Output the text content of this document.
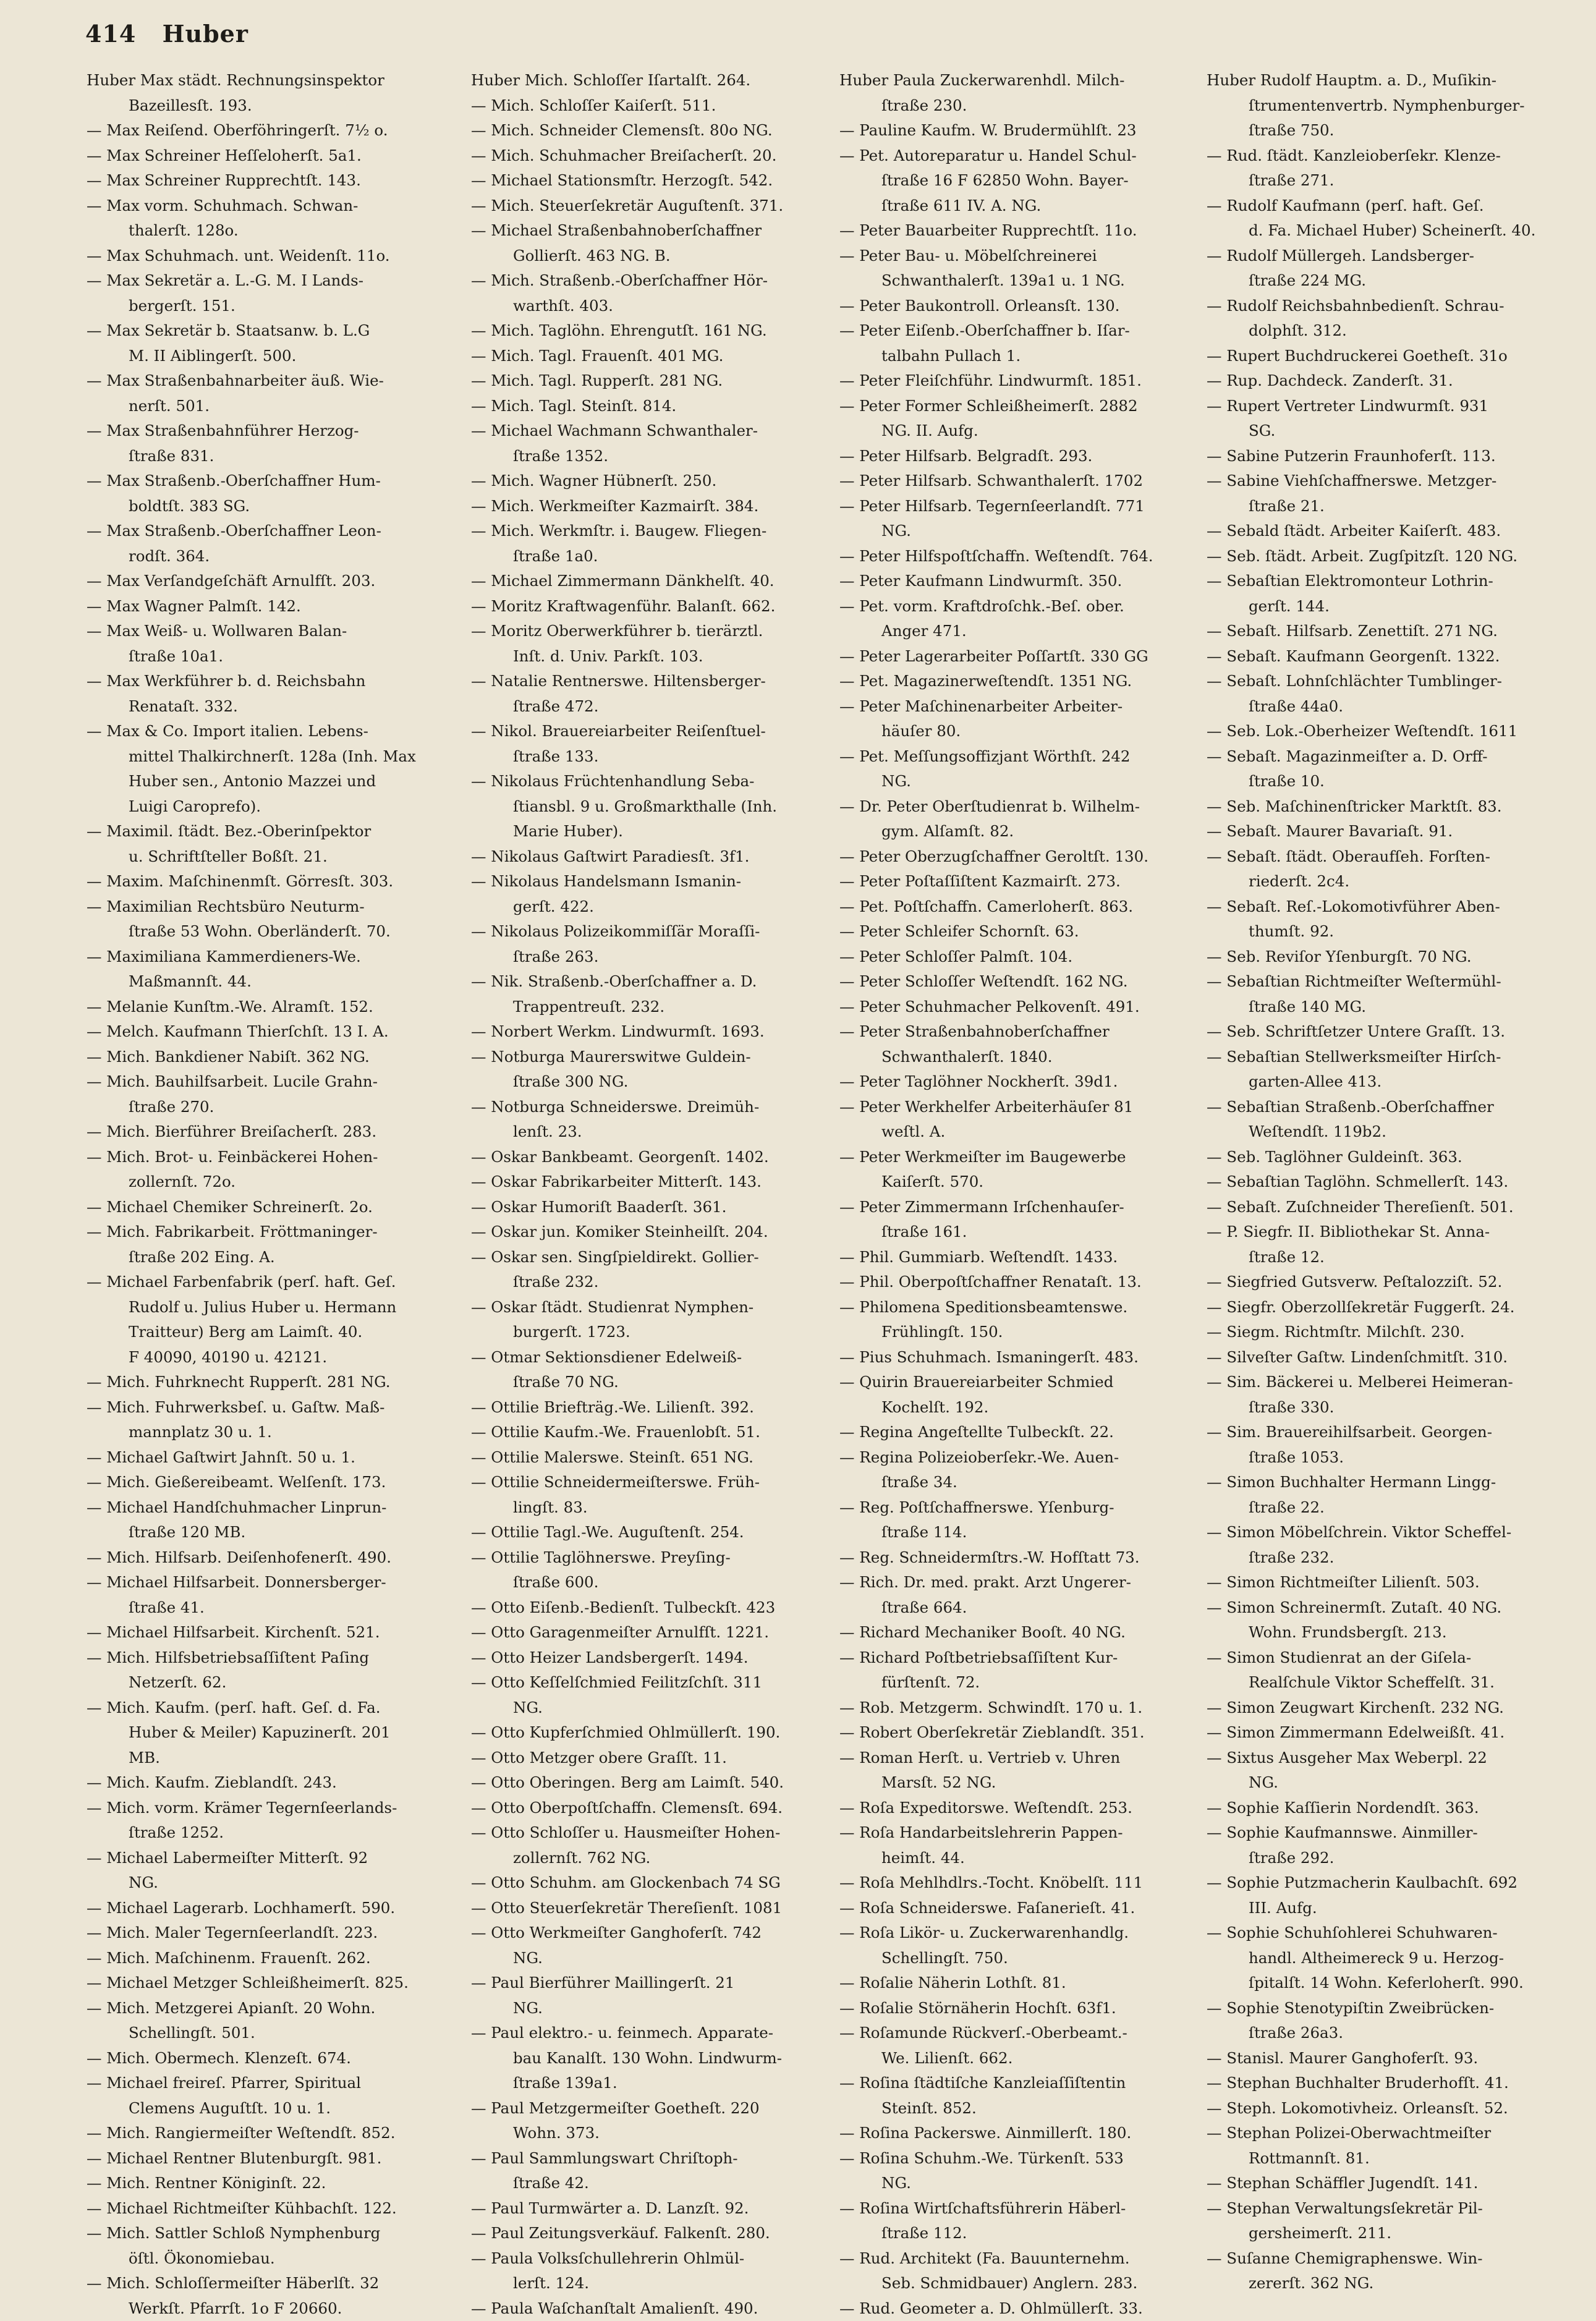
414 Huber
Huber Max städt. Rechnungsinspektor
Bazeillesſt. 193.
— Max Reiſend. Oberföhringerſt. 7½ o.
— Max Schreiner Heſſeloherſt. 5a1.
— Max Schreiner Rupprechtſt. 143.
— Max vorm. Schuhmach. Schwan-
thalerſt. 128o.
— Max Schuhmach. unt. Weidenſt. 11o.
— Max Sekretär a. L.-G. M. I Lands-
bergerſt. 151.
— Max Sekretär b. Staatsanw. b. L.G
M. II Aiblingerſt. 500.
— Max Straßenbahnarbeiter äuß. Wie-
nerſt. 501.
— Max Straßenbahnführer Herzog-
ſtraße 831.
— Max Straßenb.-Oberſchaffner Hum-
boldtſt. 383 SG.
— Max Straßenb.-Oberſchaffner Leon-
rodſt. 364.
— Max Verſandgeſchäft Arnulfſt. 203.
— Max Wagner Palmſt. 142.
— Max Weiß- u. Wollwaren Balan-
ſtraße 10a1.
— Max Werkführer b. d. Reichsbahn
Renataſt. 332.
— Max & Co. Import italien. Lebens-
mittel Thalkirchnerſt. 128a (Inh. Max
Huber sen., Antonio Mazzei und
Luigi Caroprefo).
— Maximil. ſtädt. Bez.-Oberinſpektor
u. Schriftſteller Boßſt. 21.
— Maxim. Maſchinenmſt. Görresſt. 303.
— Maximilian Rechtsbüro Neuturm-
ſtraße 53 Wohn. Oberländerſt. 70.
— Maximiliana Kammerdieners-We.
Maßmannſt. 44.
— Melanie Kunſtm.-We. Alramſt. 152.
— Melch. Kaufmann Thierſchſt. 13 I. A.
— Mich. Bankdiener Nabiſt. 362 NG.
— Mich. Bauhilfsarbeit. Lucile Grahn-
ſtraße 270.
— Mich. Bierführer Breiſacherſt. 283.
— Mich. Brot- u. Feinbäckerei Hohen-
zollernſt. 72o.
— Michael Chemiker Schreinerſt. 2o.
— Mich. Fabrikarbeit. Fröttmaninger-
ſtraße 202 Eing. A.
— Michael Farbenfabrik (perſ. haft. Geſ.
Rudolf u. Julius Huber u. Hermann
Traitteur) Berg am Laimſt. 40.
F 40090, 40190 u. 42121.
— Mich. Fuhrknecht Rupperſt. 281 NG.
— Mich. Fuhrwerksbeſ. u. Gaſtw. Maß-
mannplatz 30 u. 1.
— Michael Gaſtwirt Jahnſt. 50 u. 1.
— Mich. Gießereibeamt. Welſenſt. 173.
— Michael Handſchuhmacher Linprun-
ſtraße 120 MB.
— Mich. Hilfsarb. Deiſenhofenerſt. 490.
— Michael Hilfsarbeit. Donnersberger-
ſtraße 41.
— Michael Hilfsarbeit. Kirchenſt. 521.
— Mich. Hilfsbetriebsaſſiſtent Paſing
Netzerſt. 62.
— Mich. Kaufm. (perſ. haft. Geſ. d. Fa.
Huber & Meiler) Kapuzinerſt. 201
MB.
— Mich. Kaufm. Zieblandſt. 243.
— Mich. vorm. Krämer Tegernſeerlands-
ſtraße 1252.
— Michael Labermeiſter Mitterſt. 92
NG.
— Michael Lagerarb. Lochhamerſt. 590.
— Mich. Maler Tegernſeerlandſt. 223.
— Mich. Maſchinenm. Frauenſt. 262.
— Michael Metzger Schleißheimerſt. 825.
— Mich. Metzgerei Apianſt. 20 Wohn.
Schellingſt. 501.
— Mich. Obermech. Klenzeſt. 674.
— Michael freireſ. Pfarrer, Spiritual
Clemens Auguſtſt. 10 u. 1.
— Mich. Rangiermeiſter Weſtendſt. 852.
— Michael Rentner Blutenburgſt. 981.
— Mich. Rentner Königinſt. 22.
— Michael Richtmeiſter Kühbachſt. 122.
— Mich. Sattler Schloß Nymphenburg
öſtl. Ökonomiebau.
— Mich. Schloſſermeiſter Häberlſt. 32
Werkſt. Pfarrſt. 1o F 20660.
Huber Mich. Schloſſer Iſartalſt. 264.
— Mich. Schloſſer Kaiſerſt. 511.
— Mich. Schneider Clemensſt. 80o NG.
— Mich. Schuhmacher Breiſacherſt. 20.
— Michael Stationsmſtr. Herzogſt. 542.
— Mich. Steuerſekretär Auguſtenſt. 371.
— Michael Straßenbahnoberſchaffner
Gollierſt. 463 NG. B.
— Mich. Straßenb.-Oberſchaffner Hör-
warthſt. 403.
— Mich. Taglöhn. Ehrengutſt. 161 NG.
— Mich. Tagl. Frauenſt. 401 MG.
— Mich. Tagl. Rupperſt. 281 NG.
— Mich. Tagl. Steinſt. 814.
— Michael Wachmann Schwanthaler-
ſtraße 1352.
— Mich. Wagner Hübnerſt. 250.
— Mich. Werkmeiſter Kazmairſt. 384.
— Mich. Werkmſtr. i. Baugew. Fliegen-
ſtraße 1a0.
— Michael Zimmermann Dänkhelſt. 40.
— Moritz Kraftwagenführ. Balanſt. 662.
— Moritz Oberwerkführer b. tierärztl.
Inſt. d. Univ. Parkſt. 103.
— Natalie Rentnerswe. Hiltensberger-
ſtraße 472.
— Nikol. Brauereiarbeiter Reiſenſtuel-
ſtraße 133.
— Nikolaus Früchtenhandlung Seba-
ſtiansbl. 9 u. Großmarkthalle (Inh.
Marie Huber).
— Nikolaus Gaſtwirt Paradiesſt. 3f1.
— Nikolaus Handelsmann Ismanin-
gerſt. 422.
— Nikolaus Polizeikommiſſär Moraſſi-
ſtraße 263.
— Nik. Straßenb.-Oberſchaffner a. D.
Trappentreuſt. 232.
— Norbert Werkm. Lindwurmſt. 1693.
— Notburga Maurerswitwe Guldein-
ſtraße 300 NG.
— Notburga Schneiderswe. Dreimüh-
lenſt. 23.
— Oskar Bankbeamt. Georgenſt. 1402.
— Oskar Fabrikarbeiter Mitterſt. 143.
— Oskar Humoriſt Baaderſt. 361.
— Oskar jun. Komiker Steinheilſt. 204.
— Oskar sen. Singſpieldirekt. Gollier-
ſtraße 232.
— Oskar ſtädt. Studienrat Nymphen-
burgerſt. 1723.
— Otmar Sektionsdiener Edelweiß-
ſtraße 70 NG.
— Ottilie Briefträg.-We. Lilienſt. 392.
— Ottilie Kaufm.-We. Frauenlobſt. 51.
— Ottilie Malerswe. Steinſt. 651 NG.
— Ottilie Schneidermeiſterswe. Früh-
lingſt. 83.
— Ottilie Tagl.-We. Auguſtenſt. 254.
— Ottilie Taglöhnerswe. Preyſing-
ſtraße 600.
— Otto Eiſenb.-Bedienſt. Tulbeckſt. 423
— Otto Garagenmeiſter Arnulfſt. 1221.
— Otto Heizer Landsbergerſt. 1494.
— Otto Keſſelſchmied Feilitzſchſt. 311
NG.
— Otto Kupferſchmied Ohlmüllerſt. 190.
— Otto Metzger obere Graſſt. 11.
— Otto Oberingen. Berg am Laimſt. 540.
— Otto Oberpoſtſchaffn. Clemensſt. 694.
— Otto Schloſſer u. Hausmeiſter Hohen-
zollernſt. 762 NG.
— Otto Schuhm. am Glockenbach 74 SG
— Otto Steuerſekretär Thereſienſt. 1081
— Otto Werkmeiſter Ganghoferſt. 742
NG.
— Paul Bierführer Maillingerſt. 21
NG.
— Paul elektro.- u. feinmech. Apparate-
bau Kanalſt. 130 Wohn. Lindwurm-
ſtraße 139a1.
— Paul Metzgermeiſter Goetheſt. 220
Wohn. 373.
— Paul Sammlungswart Chriſtoph-
ſtraße 42.
— Paul Turmwärter a. D. Lanzſt. 92.
— Paul Zeitungsverkäuf. Falkenſt. 280.
— Paula Volksſchullehrerin Ohlmül-
lerſt. 124.
— Paula Waſchanſtalt Amalienſt. 490.
Huber Paula Zuckerwarenhdl. Milch-
ſtraße 230.
— Pauline Kaufm. W. Brudermühlſt. 23
— Pet. Autoreparatur u. Handel Schul-
ſtraße 16 F 62850 Wohn. Bayer-
ſtraße 611 IV. A. NG.
— Peter Bauarbeiter Rupprechtſt. 11o.
— Peter Bau- u. Möbelſchreinerei
Schwanthalerſt. 139a1 u. 1 NG.
— Peter Baukontroll. Orleansſt. 130.
— Peter Eiſenb.-Oberſchaffner b. Iſar-
talbahn Pullach 1.
— Peter Fleiſchführ. Lindwurmſt. 1851.
— Peter Former Schleißheimerſt. 2882
NG. II. Aufg.
— Peter Hilfsarb. Belgradſt. 293.
— Peter Hilfsarb. Schwanthalerſt. 1702
— Peter Hilfsarb. Tegernſeerlandſt. 771
NG.
— Peter Hilfspoſtſchaffn. Weſtendſt. 764.
— Peter Kaufmann Lindwurmſt. 350.
— Pet. vorm. Kraftdroſchk.-Beſ. ober.
Anger 471.
— Peter Lagerarbeiter Poſſartſt. 330 GG
— Pet. Magazinerweſtendſt. 1351 NG.
— Peter Maſchinenarbeiter Arbeiter-
häuſer 80.
— Pet. Meſſungsoffizjant Wörthſt. 242
NG.
— Dr. Peter Oberſtudienrat b. Wilhelm-
gym. Alſamſt. 82.
— Peter Oberzugſchaffner Geroltſt. 130.
— Peter Poſtaſſiſtent Kazmairſt. 273.
— Pet. Poſtſchaffn. Camerloherſt. 863.
— Peter Schleifer Schornſt. 63.
— Peter Schloſſer Palmſt. 104.
— Peter Schloſſer Weſtendſt. 162 NG.
— Peter Schuhmacher Pelkovenſt. 491.
— Peter Straßenbahnoberſchaffner
Schwanthalerſt. 1840.
— Peter Taglöhner Nockherſt. 39d1.
— Peter Werkhelfer Arbeiterhäuſer 81
weſtl. A.
— Peter Werkmeiſter im Baugewerbe
Kaiſerſt. 570.
— Peter Zimmermann Irſchenhauſer-
ſtraße 161.
— Phil. Gummiarb. Weſtendſt. 1433.
— Phil. Oberpoſtſchaffner Renataſt. 13.
— Philomena Speditionsbeamtenswe.
Frühlingſt. 150.
— Pius Schuhmach. Ismaningerſt. 483.
— Quirin Brauereiarbeiter Schmied
Kochelſt. 192.
— Regina Angeſtellte Tulbeckſt. 22.
— Regina Polizeioberſekr.-We. Auen-
ſtraße 34.
— Reg. Poſtſchaffnerswe. Yſenburg-
ſtraße 114.
— Reg. Schneidermſtrs.-W. Hofſtatt 73.
— Rich. Dr. med. prakt. Arzt Ungerer-
ſtraße 664.
— Richard Mechaniker Booſt. 40 NG.
— Richard Poſtbetriebsaſſiſtent Kur-
fürſtenſt. 72.
— Rob. Metzgerm. Schwindſt. 170 u. 1.
— Robert Oberſekretär Zieblandſt. 351.
— Roman Herſt. u. Vertrieb v. Uhren
Marsſt. 52 NG.
— Roſa Expeditorswe. Weſtendſt. 253.
— Roſa Handarbeitslehrerin Pappen-
heimſt. 44.
— Roſa Mehlhdlrs.-Tocht. Knöbelſt. 111
— Roſa Schneiderswe. Faſanerieſt. 41.
— Roſa Likör- u. Zuckerwarenhandlg.
Schellingſt. 750.
— Roſalie Näherin Lothſt. 81.
— Roſalie Störnäherin Hochſt. 63f1.
— Roſamunde Rückverſ.-Oberbeamt.-
We. Lilienſt. 662.
— Roſina ſtädtiſche Kanzleiaſſiſtentin
Steinſt. 852.
— Roſina Packerswe. Ainmillerſt. 180.
— Roſina Schuhm.-We. Türkenſt. 533
NG.
— Roſina Wirtſchaftsführerin Häberl-
ſtraße 112.
— Rud. Architekt (Fa. Bauunternehm.
Seb. Schmidbauer) Anglern. 283.
— Rud. Geometer a. D. Ohlmüllerſt. 33.
Huber Rudolf Hauptm. a. D., Muſikin-
ſtrumentenvertrb. Nymphenburger-
ſtraße 750.
— Rud. ſtädt. Kanzleioberſekr. Klenze-
ſtraße 271.
— Rudolf Kaufmann (perſ. haft. Geſ.
d. Fa. Michael Huber) Scheinerſt. 40.
— Rudolf Müllergeh. Landsberger-
ſtraße 224 MG.
— Rudolf Reichsbahnbedienſt. Schrau-
dolphſt. 312.
— Rupert Buchdruckerei Goetheſt. 31o
— Rup. Dachdeck. Zanderſt. 31.
— Rupert Vertreter Lindwurmſt. 931
SG.
— Sabine Putzerin Fraunhoferſt. 113.
— Sabine Viehſchaffnerswe. Metzger-
ſtraße 21.
— Sebald ſtädt. Arbeiter Kaiſerſt. 483.
— Seb. ſtädt. Arbeit. Zugſpitzſt. 120 NG.
— Sebaſtian Elektromonteur Lothrin-
gerſt. 144.
— Sebaſt. Hilfsarb. Zenettiſt. 271 NG.
— Sebaſt. Kaufmann Georgenſt. 1322.
— Sebaſt. Lohnſchlächter Tumblinger-
ſtraße 44a0.
— Seb. Lok.-Oberheizer Weſtendſt. 1611
— Sebaſt. Magazinmeiſter a. D. Orff-
ſtraße 10.
— Seb. Maſchinenſtricker Marktſt. 83.
— Sebaſt. Maurer Bavariaſt. 91.
— Sebaſt. ſtädt. Oberaufſeh. Forſten-
riederſt. 2c4.
— Sebaſt. Reſ.-Lokomotivführer Aben-
thumſt. 92.
— Seb. Reviſor Yſenburgſt. 70 NG.
— Sebaſtian Richtmeiſter Weſtermühl-
ſtraße 140 MG.
— Seb. Schriftſetzer Untere Graſſt. 13.
— Sebaſtian Stellwerksmeiſter Hirſch-
garten-Allee 413.
— Sebaſtian Straßenb.-Oberſchaffner
Weſtendſt. 119b2.
— Seb. Taglöhner Guldeinſt. 363.
— Sebaſtian Taglöhn. Schmellerſt. 143.
— Sebaſt. Zuſchneider Thereſienſt. 501.
— P. Siegfr. II. Bibliothekar St. Anna-
ſtraße 12.
— Siegfried Gutsverw. Peſtalozziſt. 52.
— Siegfr. Oberzollſekretär Fuggerſt. 24.
— Siegm. Richtmſtr. Milchſt. 230.
— Silveſter Gaſtw. Lindenſchmitſt. 310.
— Sim. Bäckerei u. Melberei Heimeran-
ſtraße 330.
— Sim. Brauereihilfsarbeit. Georgen-
ſtraße 1053.
— Simon Buchhalter Hermann Lingg-
ſtraße 22.
— Simon Möbelſchrein. Viktor Scheffel-
ſtraße 232.
— Simon Richtmeiſter Lilienſt. 503.
— Simon Schreinermſt. Zutaſt. 40 NG.
Wohn. Frundsbergſt. 213.
— Simon Studienrat an der Giſela-
Realſchule Viktor Scheffelſt. 31.
— Simon Zeugwart Kirchenſt. 232 NG.
— Simon Zimmermann Edelweißſt. 41.
— Sixtus Ausgeher Max Weberpl. 22
NG.
— Sophie Kaſſierin Nordendſt. 363.
— Sophie Kaufmannswe. Ainmiller-
ſtraße 292.
— Sophie Putzmacherin Kaulbachſt. 692
III. Aufg.
— Sophie Schuhſohlerei Schuhwaren-
handl. Altheimereck 9 u. Herzog-
ſpitalſt. 14 Wohn. Keferloherſt. 990.
— Sophie Stenotypiſtin Zweibrücken-
ſtraße 26a3.
— Stanisl. Maurer Ganghoferſt. 93.
— Stephan Buchhalter Bruderhofſt. 41.
— Steph. Lokomotivheiz. Orleansſt. 52.
— Stephan Polizei-Oberwachtmeiſter
Rottmannſt. 81.
— Stephan Schäffler Jugendſt. 141.
— Stephan Verwaltungsſekretär Pil-
gersheimerſt. 211.
— Suſanne Chemigraphenswe. Win-
zererſt. 362 NG.
